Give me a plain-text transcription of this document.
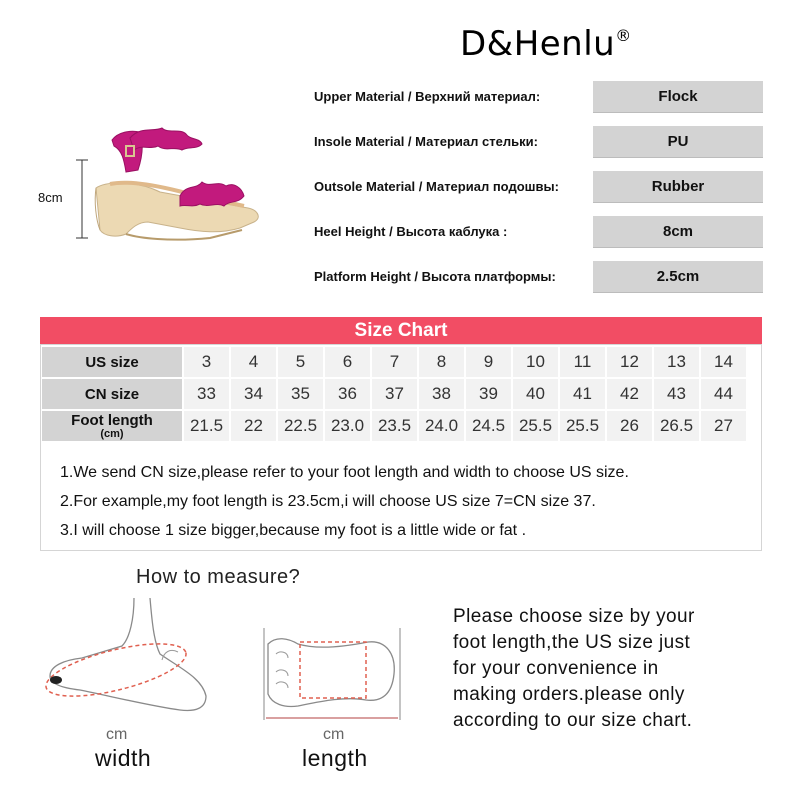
D&Henlu®
8cm
Upper Material / Верхний материал:	Flock
Insole Material / Материал стельки:	PU
Outsole Material / Материал подошвы:	Rubber
Heel Height / Высота каблука :	8cm
Platform Height / Высота платформы:	2.5cm
Size Chart
US size	3	4	5	6	7	8	9	10	11	12	13	14
CN size	33	34	35	36	37	38	39	40	41	42	43	44

Foot length
(cm)	21.5	22	22.5	23.0	23.5	24.0	24.5	25.5	25.5	26	26.5	27
1.We send CN size,please refer to your foot length and width to choose US size.
2.For example,my foot length is 23.5cm,i will choose US size 7=CN size 37.
3.I will choose 1 size bigger,because my foot is a little wide or fat .
How to measure?
cm
width
cm
length
Please choose size by your
foot length,the US size just
for your convenience in
making orders.please only
according to our size chart.
